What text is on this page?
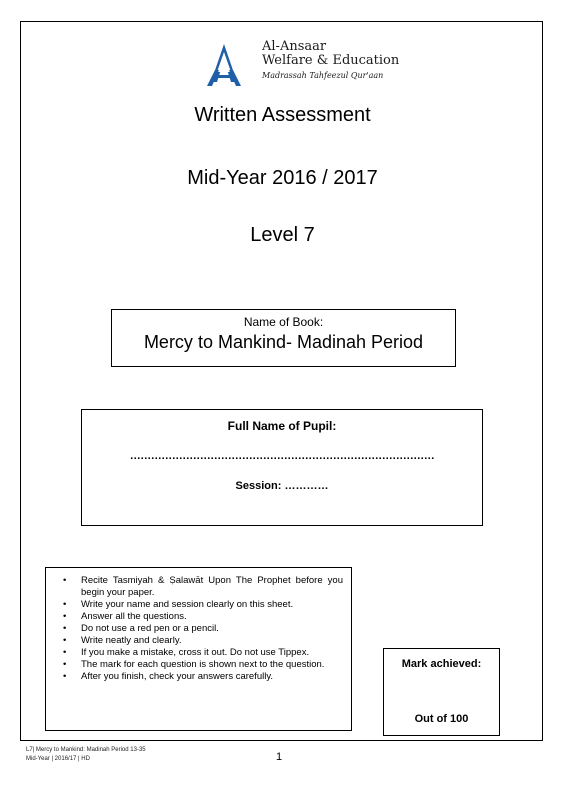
Al-Ansaar
Welfare & Education
Madrassah Tahfeezul Qur'aan
Written Assessment
Mid-Year 2016 / 2017
Level 7
Name of Book:
Mercy to Mankind- Madinah Period
Full Name of Pupil:
……………………………………………………………………………
Session: …………
• Recite Tasmiyah & Ṣalawāt Upon The Prophet before you begin your paper.
• Write your name and session clearly on this sheet.
• Answer all the questions.
• Do not use a red pen or a pencil.
• Write neatly and clearly.
• If you make a mistake, cross it out. Do not use Tippex.
• The mark for each question is shown next to the question.
• After you finish, check your answers carefully.
Mark achieved:
Out of 100
L7| Mercy to Mankind: Madinah Period 13-35
Mid-Year | 2016/17 | HD	1
